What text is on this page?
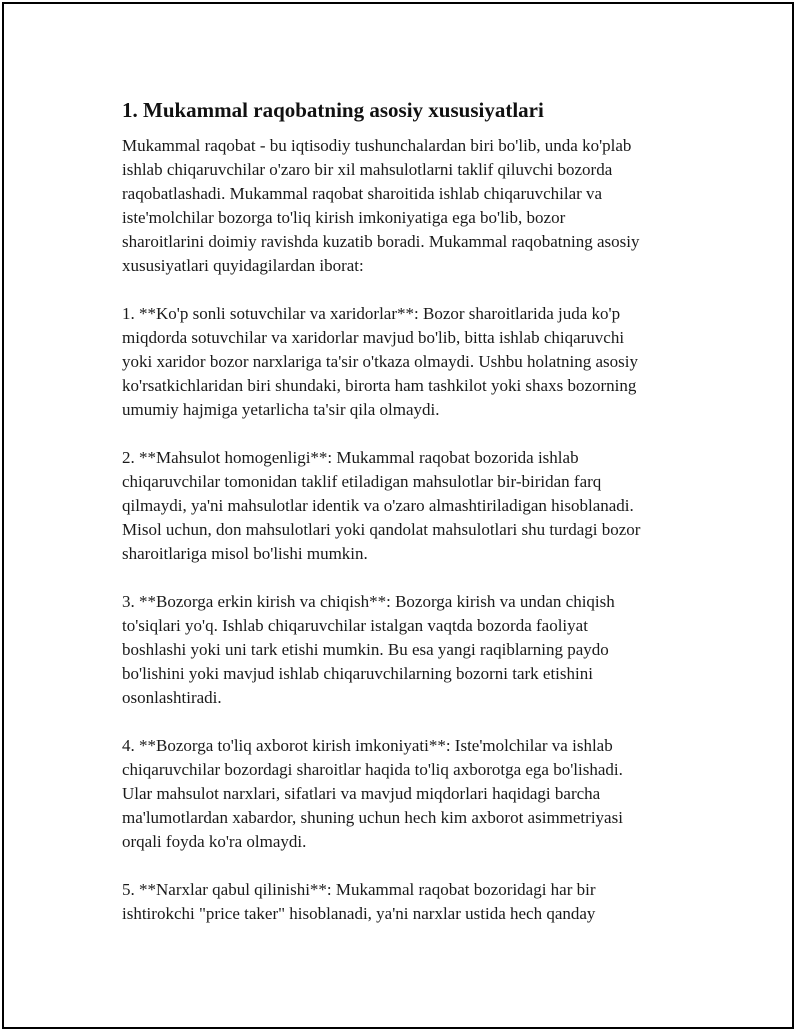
1. Mukammal raqobatning asosiy xususiyatlari

Mukammal raqobat - bu iqtisodiy tushunchalardan biri bo'lib, unda ko'plab
ishlab chiqaruvchilar o'zaro bir xil mahsulotlarni taklif qiluvchi bozorda
raqobatlashadi. Mukammal raqobat sharoitida ishlab chiqaruvchilar va
iste'molchilar bozorga to'liq kirish imkoniyatiga ega bo'lib, bozor
sharoitlarini doimiy ravishda kuzatib boradi. Mukammal raqobatning asosiy
xususiyatlari quyidagilardan iborat:

1. **Ko'p sonli sotuvchilar va xaridorlar**: Bozor sharoitlarida juda ko'p
miqdorda sotuvchilar va xaridorlar mavjud bo'lib, bitta ishlab chiqaruvchi
yoki xaridor bozor narxlariga ta'sir o'tkaza olmaydi. Ushbu holatning asosiy
ko'rsatkichlaridan biri shundaki, birorta ham tashkilot yoki shaxs bozorning
umumiy hajmiga yetarlicha ta'sir qila olmaydi.

2. **Mahsulot homogenligi**: Mukammal raqobat bozorida ishlab
chiqaruvchilar tomonidan taklif etiladigan mahsulotlar bir-biridan farq
qilmaydi, ya'ni mahsulotlar identik va o'zaro almashtiriladigan hisoblanadi.
Misol uchun, don mahsulotlari yoki qandolat mahsulotlari shu turdagi bozor
sharoitlariga misol bo'lishi mumkin.

3. **Bozorga erkin kirish va chiqish**: Bozorga kirish va undan chiqish
to'siqlari yo'q. Ishlab chiqaruvchilar istalgan vaqtda bozorda faoliyat
boshlashi yoki uni tark etishi mumkin. Bu esa yangi raqiblarning paydo
bo'lishini yoki mavjud ishlab chiqaruvchilarning bozorni tark etishini
osonlashtiradi.

4. **Bozorga to'liq axborot kirish imkoniyati**: Iste'molchilar va ishlab
chiqaruvchilar bozordagi sharoitlar haqida to'liq axborotga ega bo'lishadi.
Ular mahsulot narxlari, sifatlari va mavjud miqdorlari haqidagi barcha
ma'lumotlardan xabardor, shuning uchun hech kim axborot asimmetriyasi
orqali foyda ko'ra olmaydi.

5. **Narxlar qabul qilinishi**: Mukammal raqobat bozoridagi har bir
ishtirokchi "price taker" hisoblanadi, ya'ni narxlar ustida hech qanday
